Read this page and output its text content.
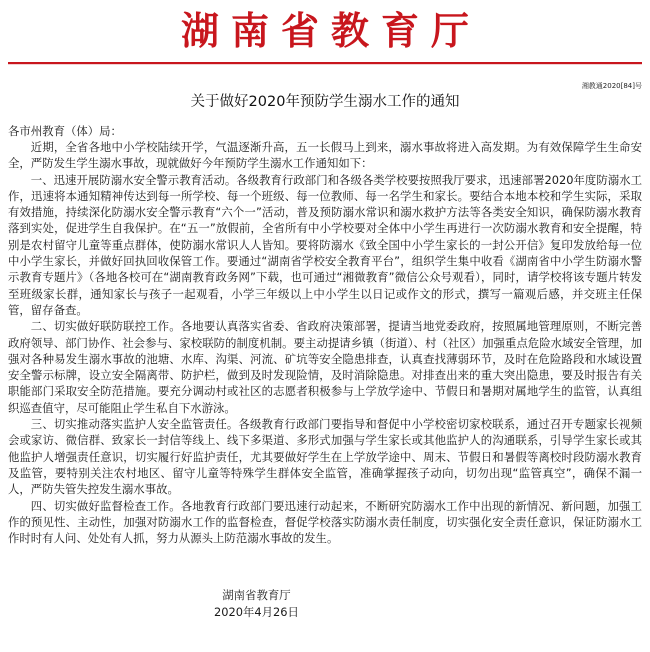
湖南省教育厅
湘教通2020[84]号
关于做好2020年预防学生溺水工作的通知
各市州教育（体）局：

近期，全省各地中小学校陆续开学，气温逐渐升高，五一长假马上到来，溺水事故将进入高发期。为有效保障学生生命安全，严防发生学生溺水事故，现就做好今年预防学生溺水工作通知如下：

一、迅速开展防溺水安全警示教育活动。各级教育行政部门和各级各类学校要按照我厅要求，迅速部署2020年度防溺水工作，迅速将本通知精神传达到每一所学校、每一个班级、每一位教师、每一名学生和家长。要结合本地本校和学生实际，采取有效措施，持续深化防溺水安全警示教育“六个一”活动，普及预防溺水常识和溺水救护方法等各类安全知识，确保防溺水教育落到实处，促进学生自我保护。在“五一”放假前，全省所有中小学校要对全体中小学生再进行一次防溺水教育和安全提醒，特别是农村留守儿童等重点群体，使防溺水常识人人皆知。要将防溺水《致全国中小学生家长的一封公开信》复印发放给每一位中小学生家长，并做好回执回收保管工作。要通过“湖南省学校安全教育平台”，组织学生集中收看《湖南省中小学生防溺水警示教育专题片》（各地各校可在“湖南教育政务网”下载，也可通过“湘微教育”微信公众号观看），同时，请学校将该专题片转发至班级家长群，通知家长与孩子一起观看，小学三年级以上中小学生以日记或作文的形式，撰写一篇观后感，并交班主任保管，留存备查。

二、切实做好联防联控工作。各地要认真落实省委、省政府决策部署，提请当地党委政府，按照属地管理原则，不断完善政府领导、部门协作、社会参与、家校联防的制度机制。要主动提请乡镇（街道）、村（社区）加强重点危险水域安全管理，加强对各种易发生溺水事故的池塘、水库、沟渠、河流、矿坑等安全隐患排查，认真查找薄弱环节，及时在危险路段和水域设置安全警示标牌，设立安全隔离带、防护栏，做到及时发现险情，及时消除隐患。对排查出来的重大突出隐患，要及时报告有关职能部门采取安全防范措施。要充分调动村或社区的志愿者积极参与上学放学途中、节假日和暑期对属地学生的监管，认真组织巡查值守，尽可能阻止学生私自下水游泳。

三、切实推动落实监护人安全监管责任。各级教育行政部门要指导和督促中小学校密切家校联系，通过召开专题家长视频会或家访、微信群、致家长一封信等线上、线下多渠道、多形式加强与学生家长或其他监护人的沟通联系，引导学生家长或其他监护人增强责任意识，切实履行好监护责任，尤其要做好学生在上学放学途中、周末、节假日和暑假等离校时段防溺水教育及监管，要特别关注农村地区、留守儿童等特殊学生群体安全监管，准确掌握孩子动向，切勿出现“监管真空”，确保不漏一人，严防失管失控发生溺水事故。

四、切实做好监督检查工作。各地教育行政部门要迅速行动起来，不断研究防溺水工作中出现的新情况、新问题，加强工作的预见性、主动性，加强对防溺水工作的监督检查，督促学校落实防溺水责任制度，切实强化安全责任意识，保证防溺水工作时时有人问、处处有人抓，努力从源头上防范溺水事故的发生。

湖南省教育厅
2020年4月26日
